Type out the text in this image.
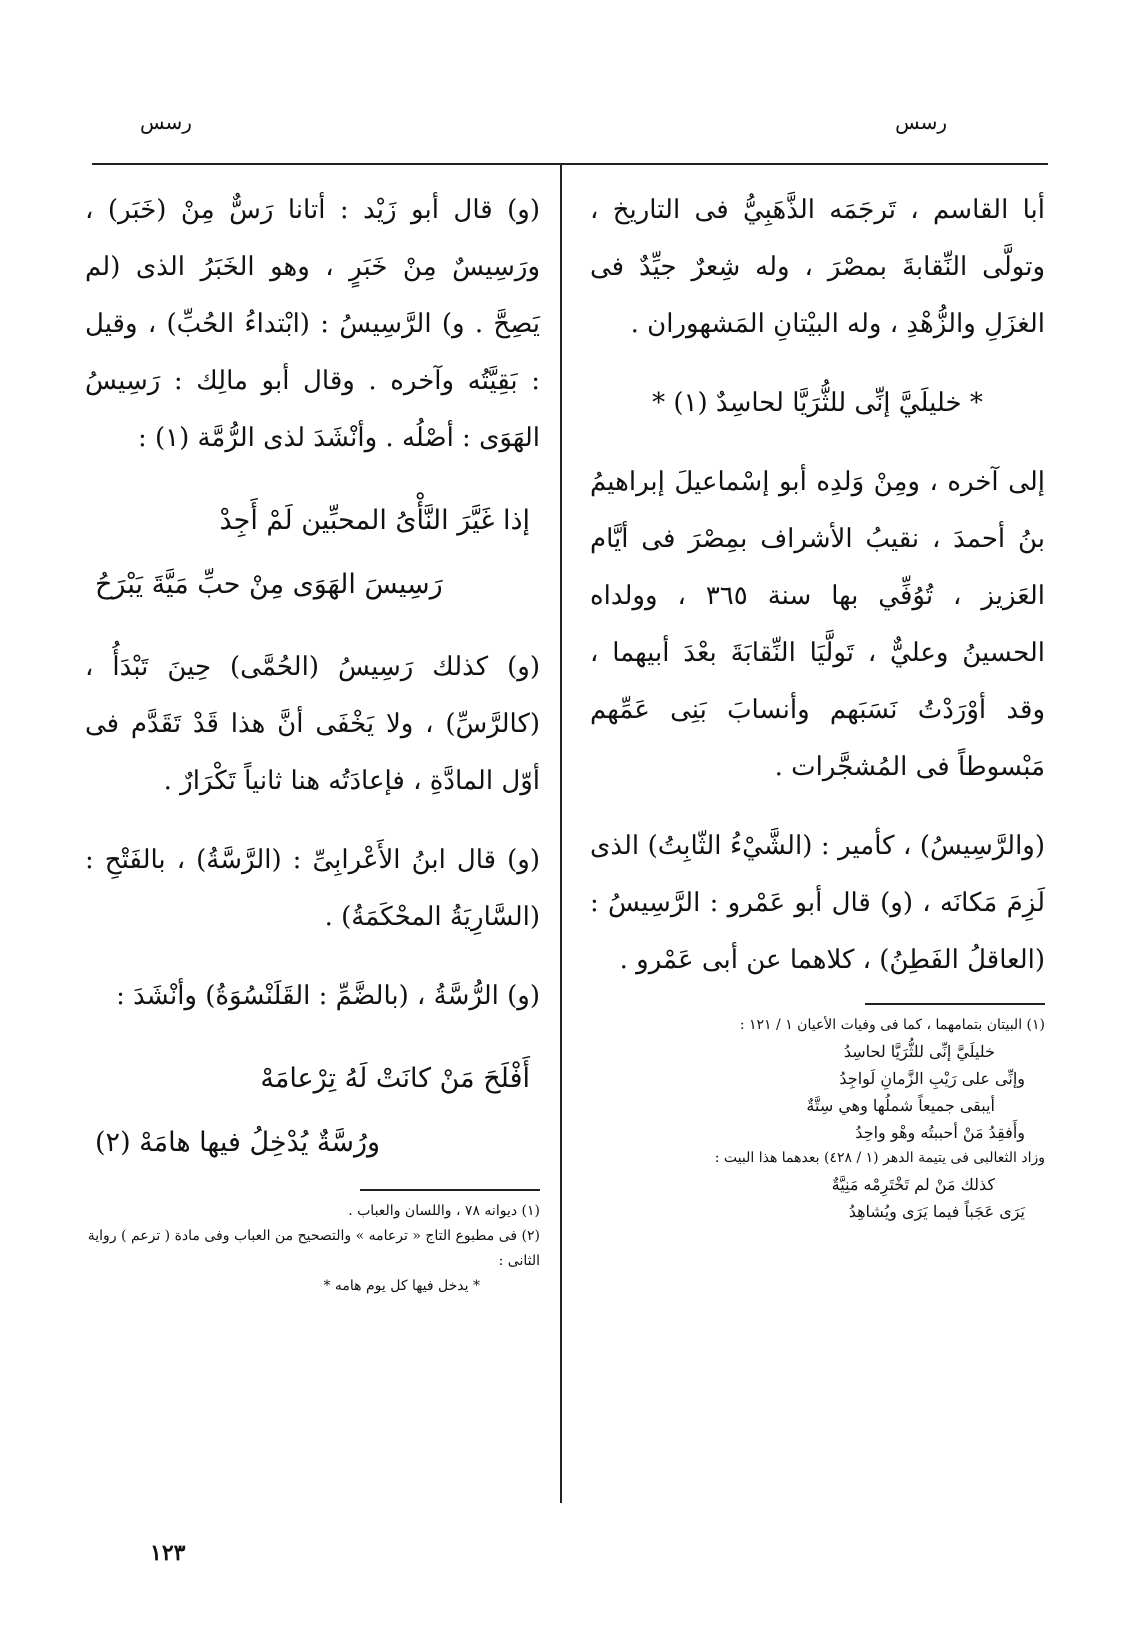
رسس
رسس

أبا القاسم ، تَرجَمَه الذَّهَبِيُّ فى التاريخ ، وتولَّى النِّقابةَ بمصْرَ ، وله شِعرٌ جيِّدٌ فى الغزَلِ والزُّهْدِ ، وله البيْتانِ المَشهوران .

* خليلَيَّ إنِّى للثُّرَيَّا لحاسِدٌ (١) *

إلى آخره ، ومِنْ وَلدِه أبو إسْماعيلَ إبراهيمُ بنُ أحمدَ ، نقيبُ الأشراف بمِصْرَ فى أيَّام العَزيز ، تُوُفِّي بها سنة ٣٦٥ ، وولداه الحسينُ وعليٌّ ، تَولَّيَا النِّقابَةَ بعْدَ أبيهما ، وقد أوْرَدْتُ نَسَبَهم وأنسابَ بَنِى عَمِّهم مَبْسوطاً فى المُشجَّرات .

(والرَّسِيسُ) ، كأمير : (الشَّيْءُ الثّابِتُ) الذى لَزِمَ مَكانَه ، (و) قال أبو عَمْرو : الرَّسِيسُ : (العاقلُ الفَطِنُ) ، كلاهما عن أبى عَمْرو .

(١) البيتان بتمامهما ، كما فى وفيات الأعيان ١ / ١٢١ :

خليلَيَّ إنِّى للثُّرَيَّا لحاسِدُ

وإنِّى على رَيْبِ الزَّمانِ لَواجِدُ

أيبقى جميعاً شملُها وهي سِتَّةٌ

وأَفقِدُ مَنْ أحببتُه وهْو واحِدُ

وزاد الثعالبى فى يتيمة الدهر (١ / ٤٢٨) بعدهما هذا البيت :

كذلك مَنْ لم تَخْتَرِمْه مَنِيَّةٌ

يَرَى عَجَباً فيما يَرَى ويُشاهِدُ

(و) قال أبو زَيْد : أتانا رَسٌّ مِنْ (خَبَر) ، ورَسِيسٌ مِنْ خَبَرٍ ، وهو الخَبَرُ الذى (لم يَصِحَّ . و) الرَّسِيسُ : (ابْتداءُ الحُبِّ) ، وقيل : بَقِيَّتُه وآخره . وقال أبو مالِك : رَسِيسُ الهَوَى : أصْلُه . وأنْشَدَ لذى الرُّمَّة (١) :

إذا غَيَّرَ النَّأْىُ المحبِّين لَمْ أَجِدْ

رَسِيسَ الهَوَى مِنْ حبِّ مَيَّةَ يَبْرَحُ

(و) كذلك رَسِيسُ (الحُمَّى) حِينَ تَبْدَأُ ، (كالرَّسِّ) ، ولا يَخْفَى أنَّ هذا قَدْ تَقَدَّم فى أوّل المادَّةِ ، فإعادَتُه هنا ثانياً تَكْرَارٌ .

(و) قال ابنُ الأَعْرابِىِّ : (الرَّسَّةُ) ، بالفَتْحِ : (السَّارِيَةُ المحْكَمَةُ) .

(و) الرُّسَّةُ ، (بالضَّمِّ : القَلَنْسُوَةُ) وأنْشَدَ :

أَفْلَحَ مَنْ كانَتْ لَهُ تِرْعامَهْ

ورُسَّةٌ يُدْخِلُ فيها هامَهْ (٢)

(١) ديوانه ٧٨ ، واللسان والعباب .

(٢) فى مطبوع التاج « ترعامه » والتصحيح من العباب وفى مادة ( ترعم ) رواية الثانى :

* يدخل فيها كل يوم هامه *

١٢٣
